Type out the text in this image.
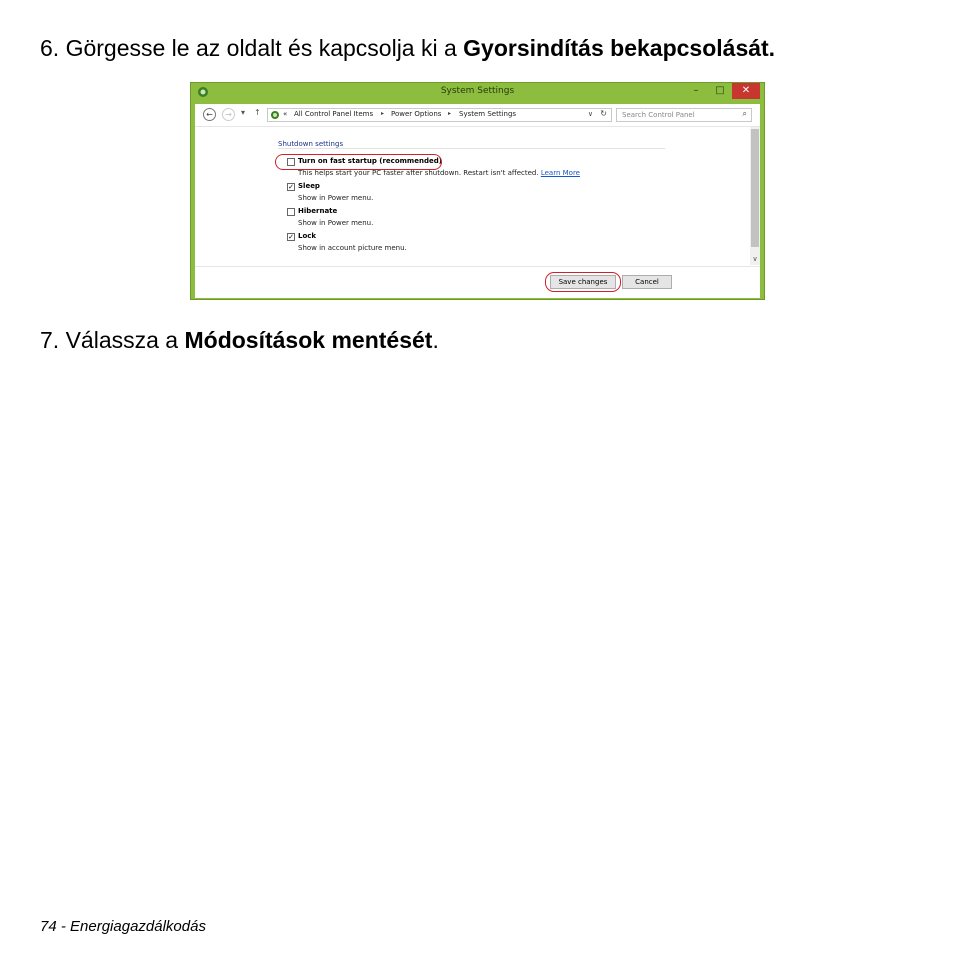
6. Görgesse le az oldalt és kapcsolja ki a Gyorsindítás bekapcsolását.
System Settings	–	□	✕
←	→	▾ ↑	« All Control Panel Items ▸ Power Options ▸ System Settings	∨ ↻ Search Control Panel	⌕
Shutdown settings
Turn on fast startup (recommended)
This helps start your PC faster after shutdown. Restart isn't affected. Learn More
✓ Sleep
Show in Power menu.
Hibernate
Show in Power menu.
✓ Lock
Show in account picture menu.
∨
Save changes	Cancel
7. Válassza a Módosítások mentését.
74 - Energiagazdálkodás
